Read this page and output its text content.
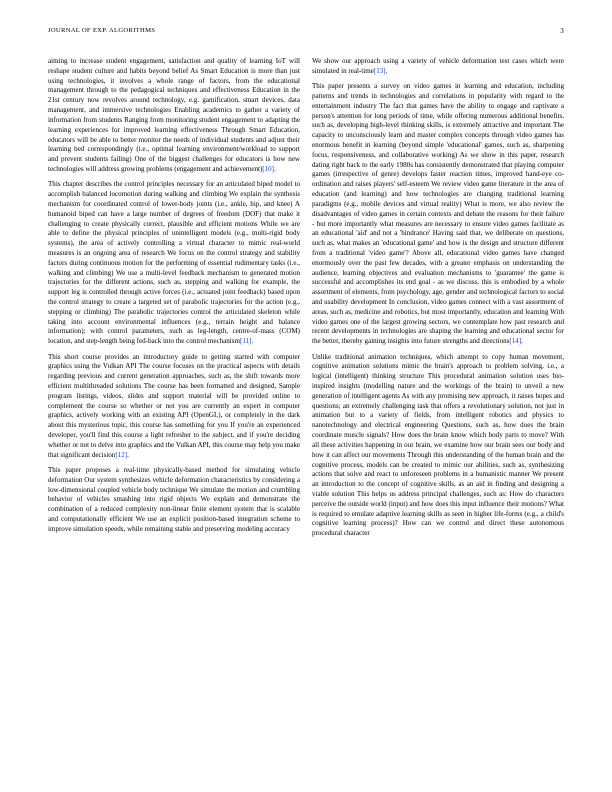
JOURNAL OF EXP. ALGORITHMS	3

aiming to increase student engagement, satisfaction and quality of learning IoT will reshape student culture and habits beyond belief As Smart Education is more than just using technologies, it involves a whole range of factors, from the educational management through to the pedagogical techniques and effectiveness Education in the 21st century now revolves around technology, e.g. gamification, smart devices, data management, and immersive technologies Enabling academics to gather a variety of information from students Ranging from monitoring student engagement to adapting the learning experiences for improved learning effectiveness Through Smart Education, educators will be able to better monitor the needs of individual students and adjust their learning bed correspondingly (i.e., optimal learning environment/workload to support and prevent students failing) One of the biggest challenges for educators is how new technologies will address growing problems (engagement and achievement)[10].

This chapter describes the control principles necessary for an articulated biped model to accomplish balanced locomotion during walking and climbing We explain the synthesis mechanism for coordinated control of lower-body joints (i.e., ankle, hip, and knee) A humanoid biped can have a large number of degrees of freedom (DOF) that make it challenging to create physically correct, plausible and efficient motions While we are able to define the physical principles of unintelligent models (e.g., multi-rigid body systems), the area of actively controlling a virtual character to mimic real-world measures is an ongoing area of research We focus on the control strategy and stability factors during continuous motion for the performing of essential rudimentary tasks (i.e., walking and climbing) We use a multi-level feedback mechanism to generated motion trajectories for the different actions, such as, stepping and walking for example, the support leg is controlled through active forces (i.e., actuated joint feedback) based upon the control strategy to create a targeted set of parabolic trajectories for the action (e.g., stepping or climbing) The parabolic trajectories control the articulated skeleton while taking into account environmental influences (e.g., terrain height and balance information); with control parameters, such as leg-length, centre-of-mass (COM) location, and step-length being fed-back into the control mechanism[11].

This short course provides an introductory guide to getting started with computer graphics using the Vulkan API The course focuses on the practical aspects with details regarding previous and current generation approaches, such as, the shift towards more efficient multithreaded solutions The course has been formatted and designed, Sample program listings, videos, slides and support material will be provided online to complement the course so whether or not you are currently an expert in computer graphics, actively working with an existing API (OpenGL), or completely in the dark about this mysterious topic, this course has something for you If you're an experienced developer, you'll find this course a light refresher to the subject, and if you're deciding whether or not to delve into graphics and the Vulkan API, this course may help you make that significant decision[12].

This paper proposes a real-time physically-based method for simulating vehicle deformation Our system synthesizes vehicle deformation characteristics by considering a low-dimensional coupled vehicle body technique We simulate the motion and crumbling behavior of vehicles smashing into rigid objects We explain and demonstrate the combination of a reduced complexity non-linear finite element system that is scalable and computationally efficient We use an explicit position-based integration scheme to improve simulation speeds, while remaining stable and preserving modeling accuracy

We show our approach using a variety of vehicle deformation test cases which were simulated in real-time[13].

This paper presents a survey on video games in learning and education, including patterns and trends in technologies and correlations in popularity with regard to the entertainment industry The fact that games have the ability to engage and captivate a person's attention for long periods of time, while offering numerous additional benefits, such as, developing high-level thinking skills, is extremely attractive and important The capacity to unconsciously learn and master complex concepts through video games has enormous benefit in learning (beyond simple 'educational' games, such as, sharpening focus, responsiveness, and collaborative working) As we show in this paper, research dating right back to the early 1980s has consistently demonstrated that playing computer games (irrespective of genre) develops faster reaction times, improved hand-eye co-ordination and raises players' self-esteem We review video game literature in the area of education (and learning) and how technologies are changing traditional learning paradigms (e.g., mobile devices and virtual reality) What is more, we also review the disadvantages of video games in certain contexts and debate the reasons for their failure - but more importantly what measures are necessary to ensure video games facilitate as an educational 'aid' and not a 'hindrance' Having said that, we deliberate on questions, such as, what makes an 'educational game' and how is the design and structure different from a traditional 'video game'? Above all, educational video games have changed enormously over the past few decades, with a greater emphasis on understanding the audience, learning objectives and evaluation mechanisms to 'guarantee' the game is successful and accomplishes its end goal - as we discuss, this is embodied by a whole assortment of elements, from psychology, age, gender and technological factors to social and usability development In conclusion, video games connect with a vast assortment of areas, such as, medicine and robotics, but most importantly, education and learning With video games one of the largest growing sectors, we contemplate how past research and recent developments in technologies are shaping the learning and educational sector for the better, thereby gaining insights into future strengths and directions[14].

Unlike traditional animation techniques, which attempt to copy human movement, cognitive animation solutions mimic the brain's approach to problem solving, i.e., a logical (intelligent) thinking structure This procedural animation solution uses bio-inspired insights (modelling nature and the workings of the brain) to unveil a new generation of intelligent agents As with any promising new approach, it raises hopes and questions; an extremely challenging task that offers a revolutionary solution, not just in animation but to a variety of fields, from intelligent robotics and physics to nanotechnology and electrical engineering Questions, such as, how does the brain coordinate muscle signals? How does the brain know which body parts to move? With all these activities happening in our brain, we examine how our brain sees our body and how it can affect our movements Through this understanding of the human brain and the cognitive process, models can be created to mimic our abilities, such as, synthesizing actions that solve and react to unforeseen problems in a humanistic manner We present an introduction to the concept of cognitive skills, as an aid in finding and designing a viable solution This helps us address principal challenges, such as: How do characters perceive the outside world (input) and how does this input influence their motions? What is required to emulate adaptive learning skills as seen in higher life-forms (e.g., a child's cognitive learning process)? How can we control and direct these autonomous procedural character
